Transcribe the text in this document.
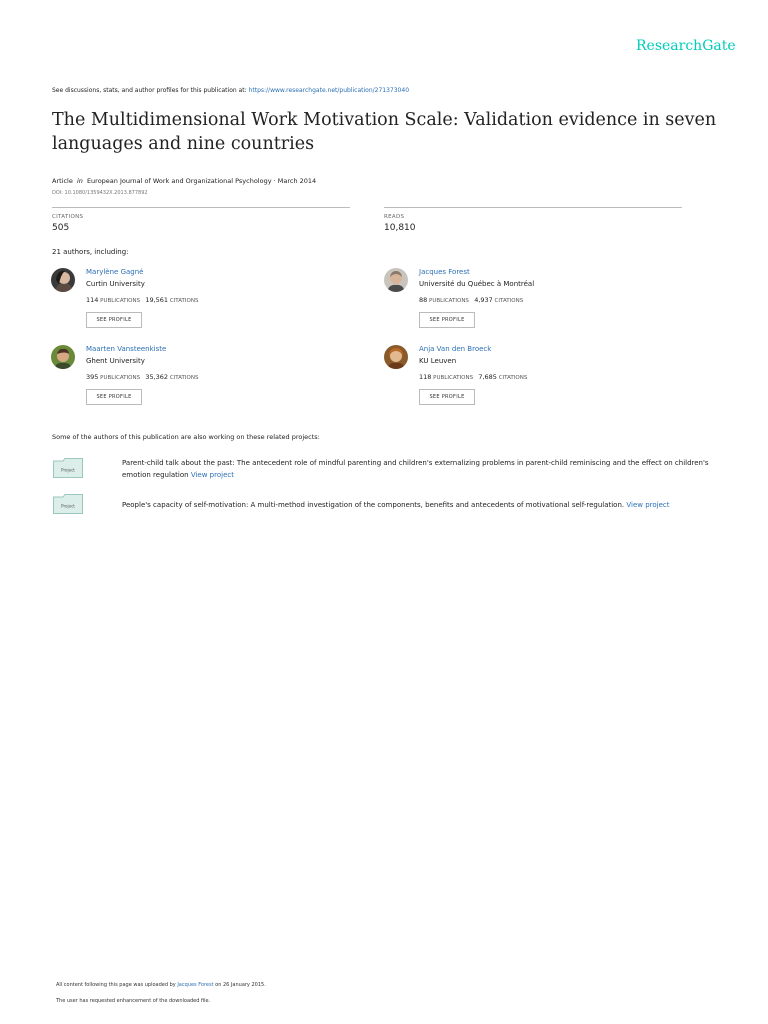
ResearchGate
See discussions, stats, and author profiles for this publication at: https://www.researchgate.net/publication/271373040
The Multidimensional Work Motivation Scale: Validation evidence in seven languages and nine countries
Article in European Journal of Work and Organizational Psychology · March 2014
DOI: 10.1080/1359432X.2013.877892
CITATIONS
505
READS
10,810
21 authors, including:
Marylène Gagné
Curtin University
114 PUBLICATIONS 19,561 CITATIONS
SEE PROFILE
Jacques Forest
Université du Québec à Montréal
88 PUBLICATIONS 4,937 CITATIONS
SEE PROFILE
Maarten Vansteenkiste
Ghent University
395 PUBLICATIONS 35,362 CITATIONS
SEE PROFILE
Anja Van den Broeck
KU Leuven
118 PUBLICATIONS 7,685 CITATIONS
SEE PROFILE
Some of the authors of this publication are also working on these related projects:
Project
Parent-child talk about the past: The antecedent role of mindful parenting and children's externalizing problems in parent-child reminiscing and the effect on children's emotion regulation View project
Project	People's capacity of self-motivation: A multi-method investigation of the components, benefits and antecedents of motivational self-regulation. View project
All content following this page was uploaded by Jacques Forest on 26 January 2015.
The user has requested enhancement of the downloaded file.
